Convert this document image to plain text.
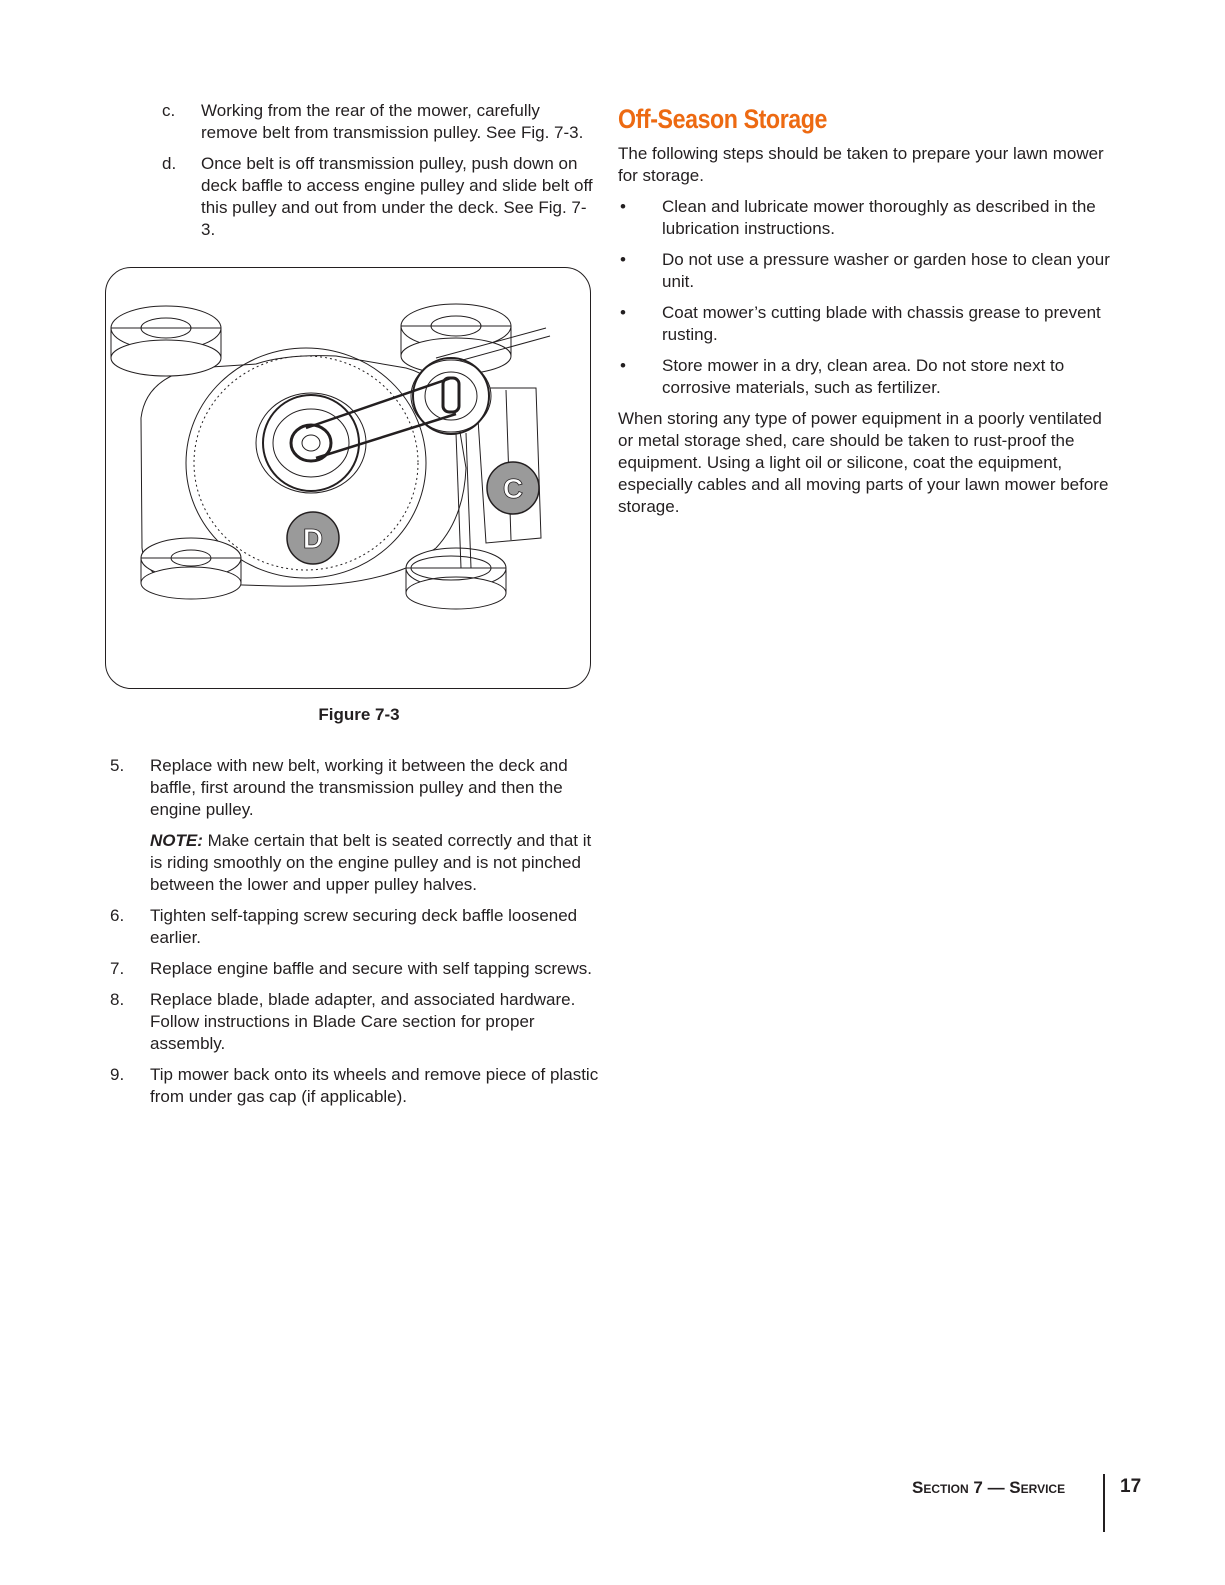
c. Working from the rear of the mower, carefully remove belt from transmission pulley. See Fig. 7-3.
d. Once belt is off transmission pulley, push down on deck baffle to access engine pulley and slide belt off this pulley and out from under the deck. See Fig. 7-3.
C
D
Figure 7-3
5. Replace with new belt, working it between the deck and baffle, first around the transmission pulley and then the engine pulley.

NOTE: Make certain that belt is seated correctly and that it is riding smoothly on the engine pulley and is not pinched between the lower and upper pulley halves.

6. Tighten self-tapping screw securing deck baffle loosened earlier.
7. Replace engine baffle and secure with self tapping screws.
8. Replace blade, blade adapter, and associated hardware. Follow instructions in Blade Care section for proper assembly.
9. Tip mower back onto its wheels and remove piece of plastic from under gas cap (if applicable).
Off-Season Storage

The following steps should be taken to prepare your lawn mower for storage.

• Clean and lubricate mower thoroughly as described in the lubrication instructions.
• Do not use a pressure washer or garden hose to clean your unit.
• Coat mower’s cutting blade with chassis grease to prevent rusting.
• Store mower in a dry, clean area. Do not store next to corrosive materials, such as fertilizer.

When storing any type of power equipment in a poorly ventilated or metal storage shed, care should be taken to rust-proof the equipment. Using a light oil or silicone, coat the equipment, especially cables and all moving parts of your lawn mower before storage.

Section 7 — Service	17
